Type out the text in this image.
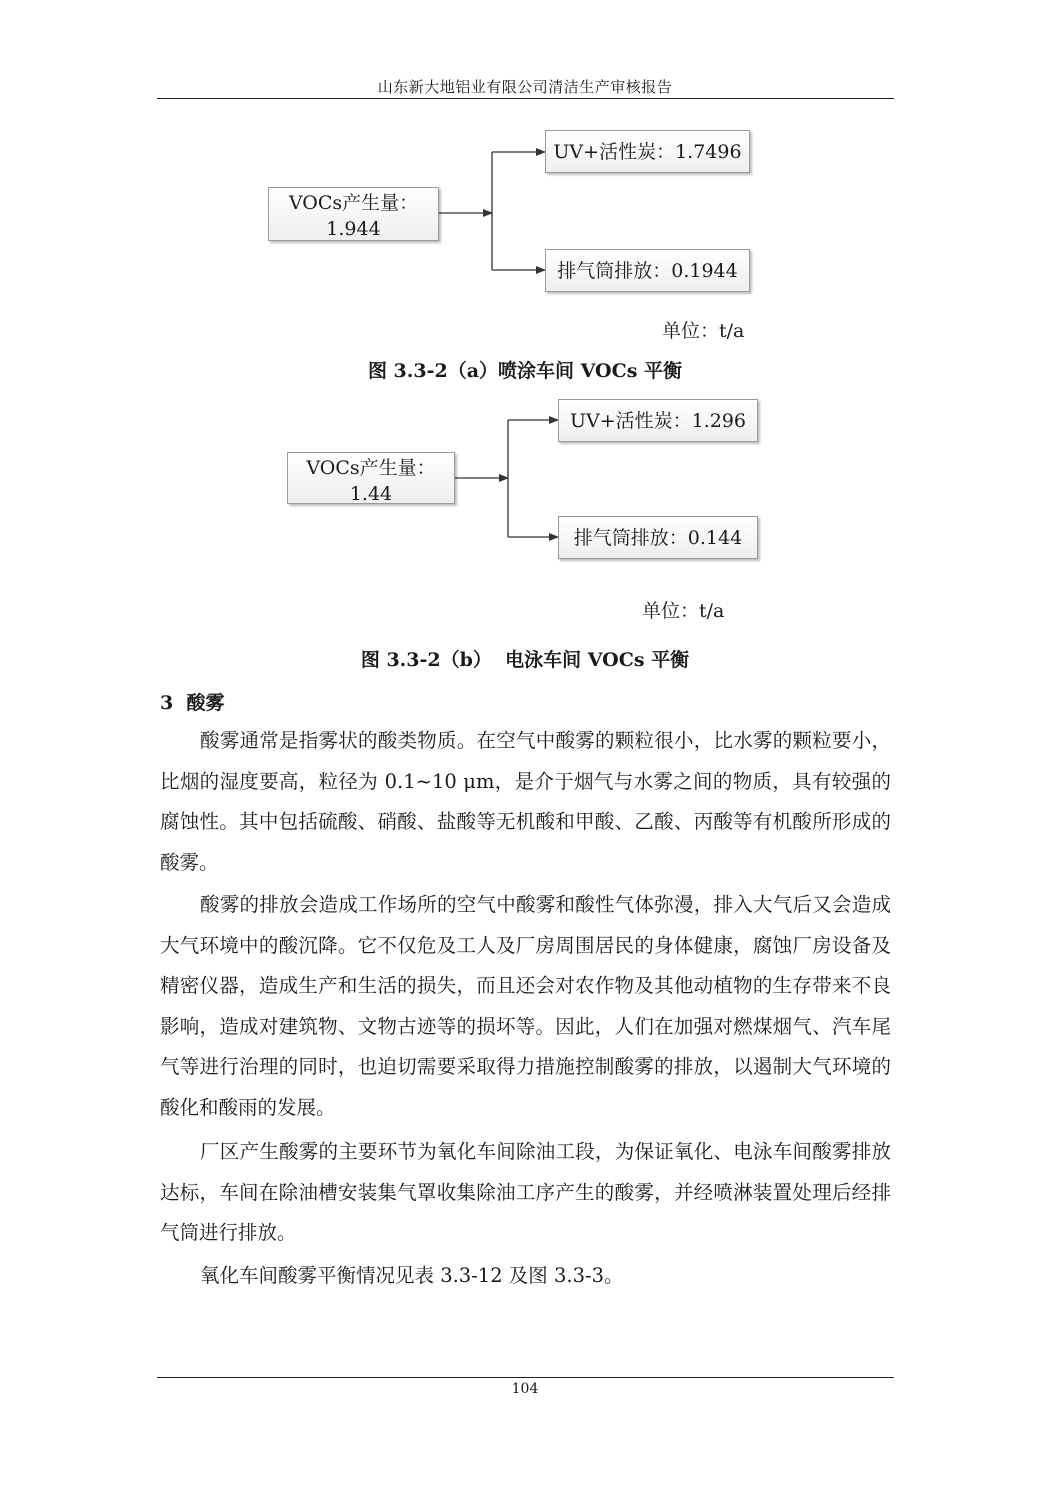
山东新大地铝业有限公司清洁生产审核报告
VOCs产生量：
1.944
UV+活性炭：1.7496
排气筒排放：0.1944
单位：t/a
图 3.3-2（a）喷涂车间 VOCs 平衡
VOCs产生量：
1.44
UV+活性炭：1.296
排气筒排放：0.144
单位：t/a
图 3.3-2（b）  电泳车间 VOCs 平衡
3  酸雾

酸雾通常是指雾状的酸类物质。在空气中酸雾的颗粒很小，比水雾的颗粒要小，比烟的湿度要高，粒径为 0.1~10 μm，是介于烟气与水雾之间的物质，具有较强的腐蚀性。其中包括硫酸、硝酸、盐酸等无机酸和甲酸、乙酸、丙酸等有机酸所形成的酸雾。

酸雾的排放会造成工作场所的空气中酸雾和酸性气体弥漫，排入大气后又会造成大气环境中的酸沉降。它不仅危及工人及厂房周围居民的身体健康，腐蚀厂房设备及精密仪器，造成生产和生活的损失，而且还会对农作物及其他动植物的生存带来不良影响，造成对建筑物、文物古迹等的损坏等。因此，人们在加强对燃煤烟气、汽车尾气等进行治理的同时，也迫切需要采取得力措施控制酸雾的排放，以遏制大气环境的酸化和酸雨的发展。

厂区产生酸雾的主要环节为氧化车间除油工段，为保证氧化、电泳车间酸雾排放达标，车间在除油槽安装集气罩收集除油工序产生的酸雾，并经喷淋装置处理后经排气筒进行排放。

氧化车间酸雾平衡情况见表 3.3-12 及图 3.3-3。

104
